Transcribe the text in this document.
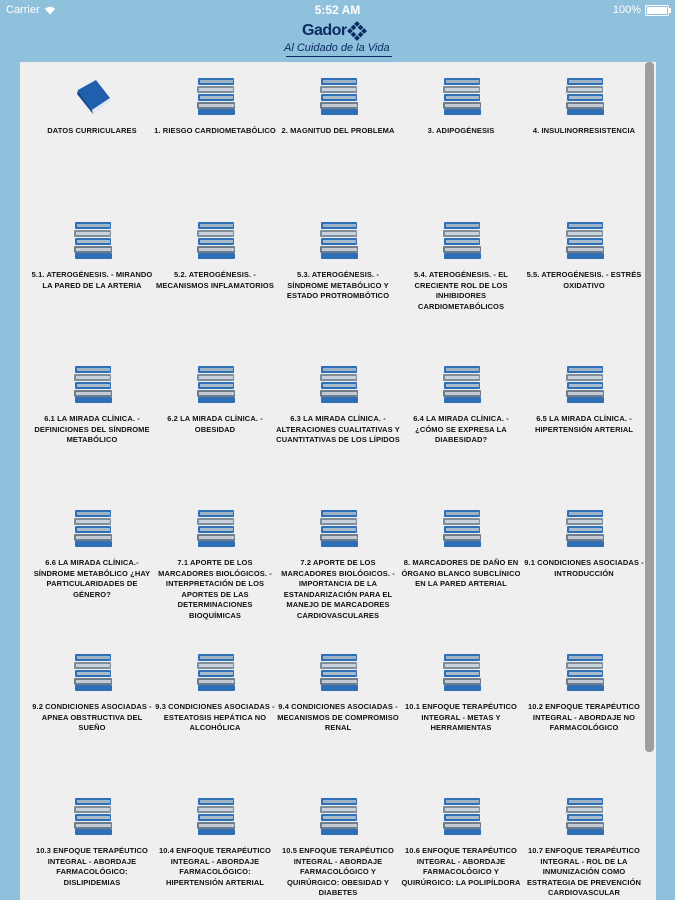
Carrier	5:52 AM	100%
Gador
Al Cuidado de la Vida
DATOS CURRICULARES	1. RIESGO CARDIOMETABÓLICO 2. MAGNITUD DEL PROBLEMA	3. ADIPOGÉNESIS	4. INSULINORRESISTENCIA
5.1. ATEROGÉNESIS. - MIRANDO LA PARED DE LA ARTERIA
5.2. ATEROGÉNESIS. - MECANISMOS INFLAMATORIOS
5.3. ATEROGÉNESIS. - SÍNDROME METABÓLICO Y ESTADO PROTROMBÓTICO
5.4. ATEROGÉNESIS. - EL CRECIENTE ROL DE LOS INHIBIDORES CARDIOMETABÓLICOS
5.5. ATEROGÉNESIS. - ESTRÉS OXIDATIVO
6.1 LA MIRADA CLÍNICA. - DEFINICIONES DEL SÍNDROME METABÓLICO
6.2 LA MIRADA CLÍNICA. - OBESIDAD
6.3 LA MIRADA CLÍNICA. - ALTERACIONES CUALITATIVAS Y CUANTITATIVAS DE LOS LÍPIDOS
6.4 LA MIRADA CLÍNICA. - ¿CÓMO SE EXPRESA LA DIABESIDAD?
6.5 LA MIRADA CLÍNICA. - HIPERTENSIÓN ARTERIAL
6.6 LA MIRADA CLÍNICA.- SÍNDROME METABÓLICO ¿HAY PARTICULARIDADES DE GÉNERO?
7.1 APORTE DE LOS MARCADORES BIOLÓGICOS. - INTERPRETACIÓN DE LOS APORTES DE LAS DETERMINACIONES BIOQUÍMICAS
7.2 APORTE DE LOS MARCADORES BIOLÓGICOS. - IMPORTANCIA DE LA ESTANDARIZACIÓN PARA EL MANEJO DE MARCADORES CARDIOVASCULARES
8. MARCADORES DE DAÑO EN ÓRGANO BLANCO SUBCLÍNICO EN LA PARED ARTERIAL
9.1 CONDICIONES ASOCIADAS - INTRODUCCIÓN
9.2 CONDICIONES ASOCIADAS - APNEA OBSTRUCTIVA DEL SUEÑO
9.3 CONDICIONES ASOCIADAS - ESTEATOSIS HEPÁTICA NO ALCOHÓLICA
9.4 CONDICIONES ASOCIADAS - MECANISMOS DE COMPROMISO RENAL
10.1 ENFOQUE TERAPÉUTICO INTEGRAL - METAS Y HERRAMIENTAS
10.2 ENFOQUE TERAPÉUTICO INTEGRAL - ABORDAJE NO FARMACOLÓGICO
10.3 ENFOQUE TERAPÉUTICO INTEGRAL - ABORDAJE FARMACOLÓGICO: DISLIPIDEMIAS
10.4 ENFOQUE TERAPÉUTICO INTEGRAL - ABORDAJE FARMACOLÓGICO: HIPERTENSIÓN ARTERIAL
10.5 ENFOQUE TERAPÉUTICO INTEGRAL - ABORDAJE FARMACOLÓGICO Y QUIRÚRGICO: OBESIDAD Y DIABETES
10.6 ENFOQUE TERAPÉUTICO INTEGRAL - ABORDAJE FARMACOLÓGICO Y QUIRÚRGICO: LA POLIPÍLDORA
10.7 ENFOQUE TERAPÉUTICO INTEGRAL - ROL DE LA INMUNIZACIÓN COMO ESTRATEGIA DE PREVENCIÓN CARDIOVASCULAR
